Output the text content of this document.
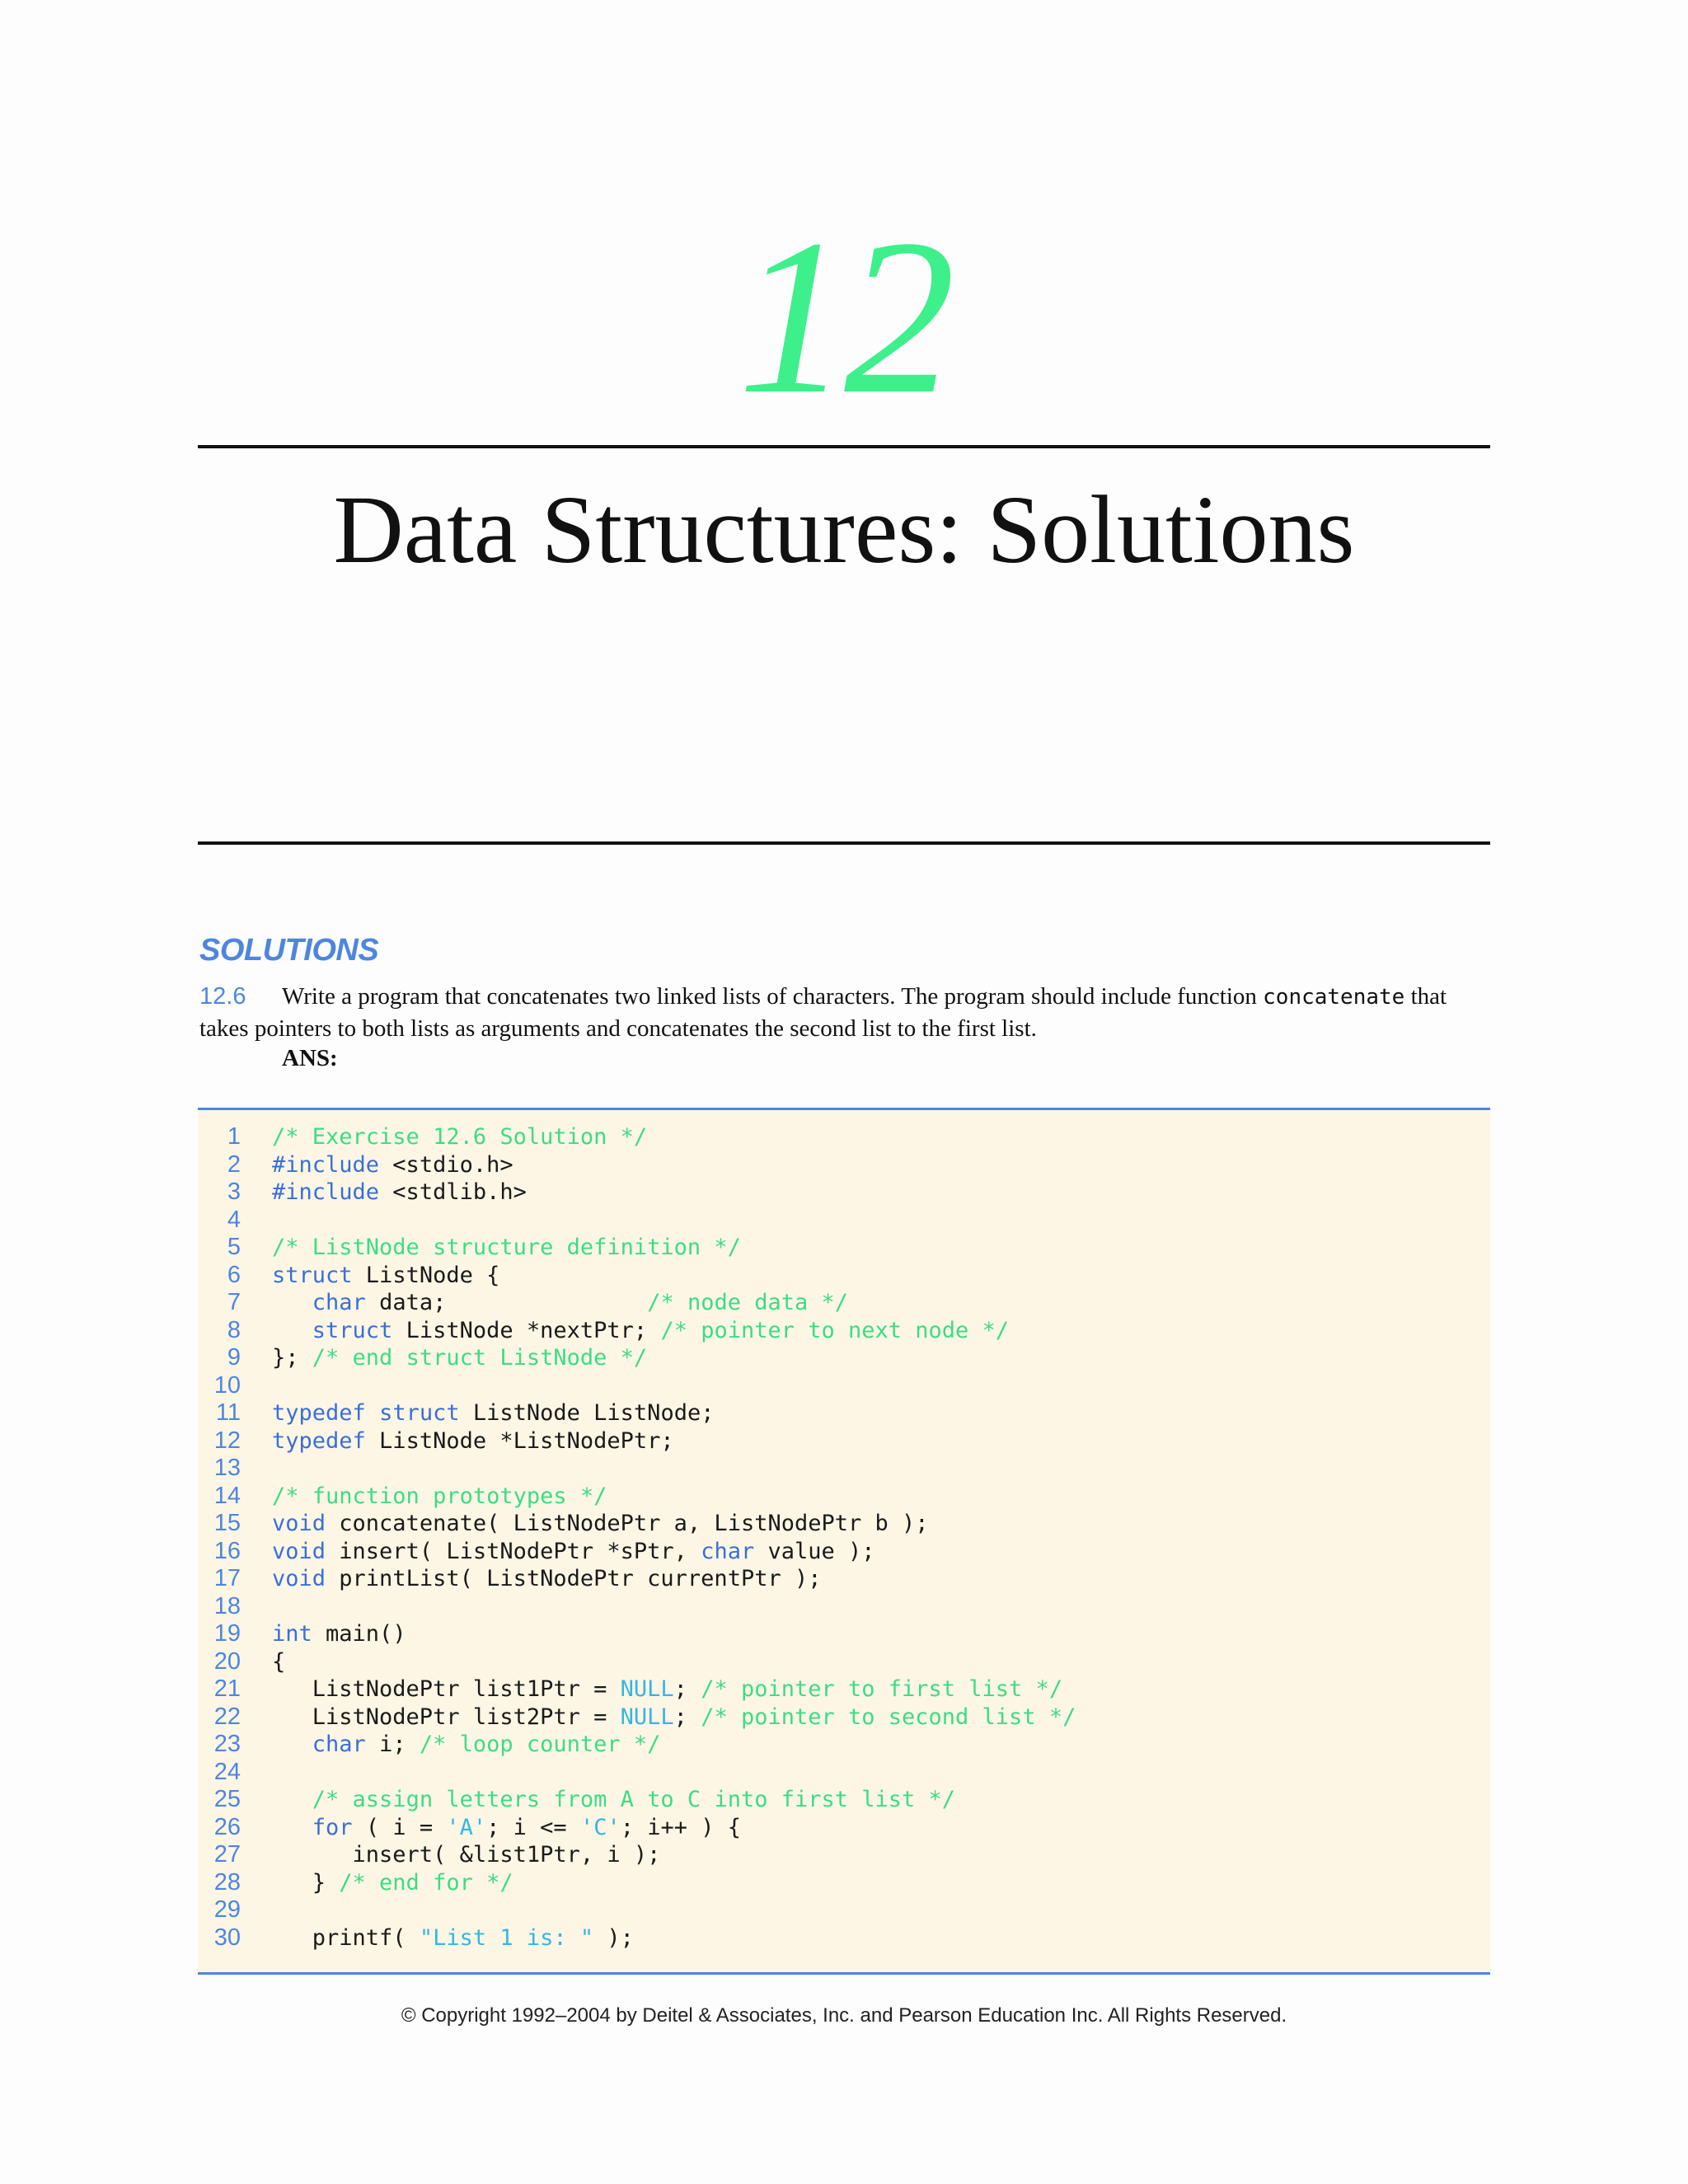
12
Data Structures: Solutions
SOLUTIONS
12.6 Write a program that concatenates two linked lists of characters. The program should include function concatenate that takes pointers to both lists as arguments and concatenates the second list to the first list.
ANS:
1 /* Exercise 12.6 Solution */
2 #include <stdio.h>
3 #include <stdlib.h>
4
5 /* ListNode structure definition */
6 struct ListNode {
7	char data;               /* node data */
8	struct ListNode *nextPtr; /* pointer to next node */
9 }; /* end struct ListNode */
10
11 typedef struct ListNode ListNode;
12 typedef ListNode *ListNodePtr;
13
14 /* function prototypes */
15 void concatenate( ListNodePtr a, ListNodePtr b );
16 void insert( ListNodePtr *sPtr, char value );
17 void printList( ListNodePtr currentPtr );
18
19 int main()
20 {
21 ListNodePtr list1Ptr = NULL; /* pointer to first list */
22 ListNodePtr list2Ptr = NULL; /* pointer to second list */
23	char i; /* loop counter */
24
25	/* assign letters from A to C into first list */
26	for ( i = 'A'; i <= 'C'; i++ ) {
27 insert( &list1Ptr, i );
28 } /* end for */
29
30 printf( "List 1 is: " );
© Copyright 1992–2004 by Deitel & Associates, Inc. and Pearson Education Inc. All Rights Reserved.
